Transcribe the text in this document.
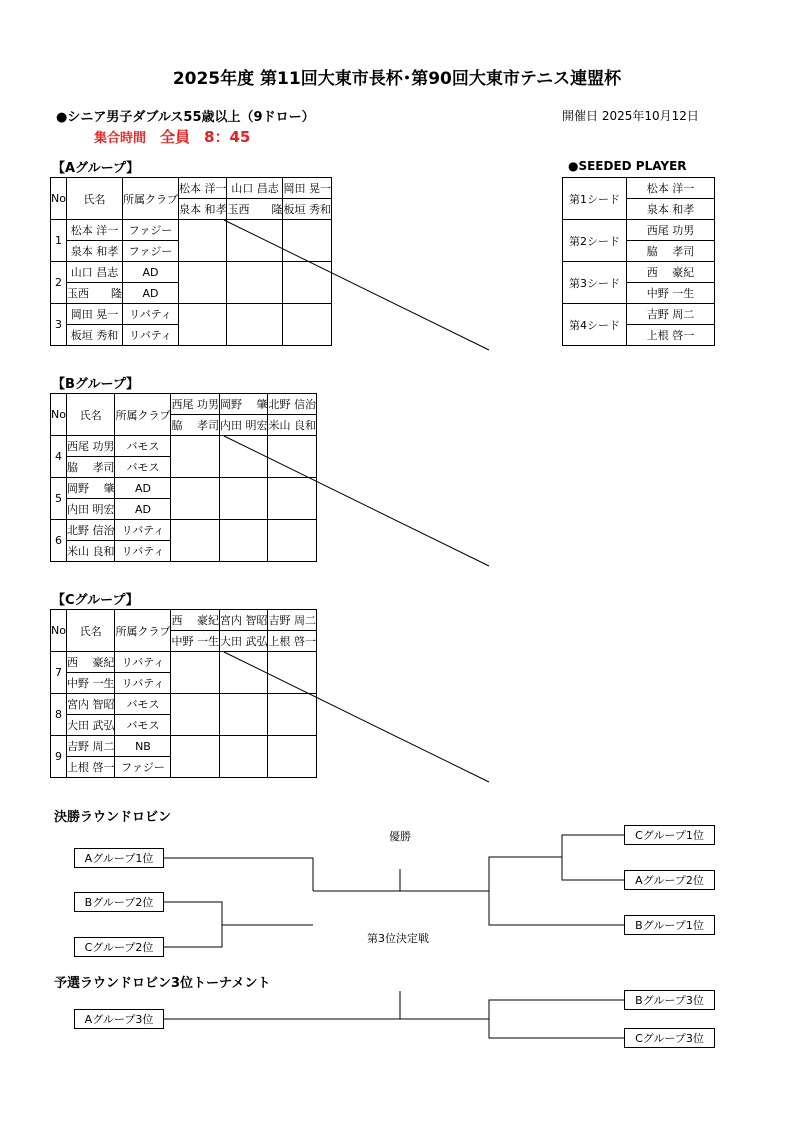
2025年度 第11回大東市長杯･第90回大東市テニス連盟杯
●シニア男子ダブルス55歳以上（9ドロー）	開催日 2025年10月12日
集合時間 全員 8：45
【Aグループ】
No	氏名	所属クラブ	松本 洋一	山口 昌志	岡田 晃一
			泉本 和孝	玉西　　隆	板垣 秀和
1	松本 洋一	ファジー			
	泉本 和孝	ファジー			
2	山口 昌志	AD			
	玉西　　隆	AD			
3	岡田 晃一	リバティ			
	板垣 秀和	リバティ			
【Bグループ】
No	氏名	所属クラブ	西尾 功男	岡野　 肇	北野 信治
			脇　 孝司	内田 明宏	米山 良和
4	西尾 功男	バモス			
	脇　 孝司	バモス			
5	岡野　 肇	AD			
	内田 明宏	AD			
6	北野 信治	リバティ			
	米山 良和	リバティ			
【Cグループ】
No	氏名	所属クラブ	西　 豪紀	宮内 智昭	吉野 周二
			中野 一生	大田 武弘	上根 啓一
7	西　 豪紀	リバティ			
	中野 一生	リバティ			
8	宮内 智昭	バモス			
	大田 武弘	バモス			
9	吉野 周二	NB			
	上根 啓一	ファジー			
●SEEDED PLAYER
第1シード	松本 洋一
	泉本 和孝
第2シード	西尾 功男
	脇　 孝司
第3シード	西　 豪紀
	中野 一生
第4シード	吉野 周二
	上根 啓一
決勝ラウンドロビン
優勝
第3位決定戦
Aグループ1位
Bグループ2位
Cグループ2位
Cグループ1位
Aグループ2位
Bグループ1位
予選ラウンドロビン3位トーナメント
Aグループ3位
Bグループ3位
Cグループ3位
